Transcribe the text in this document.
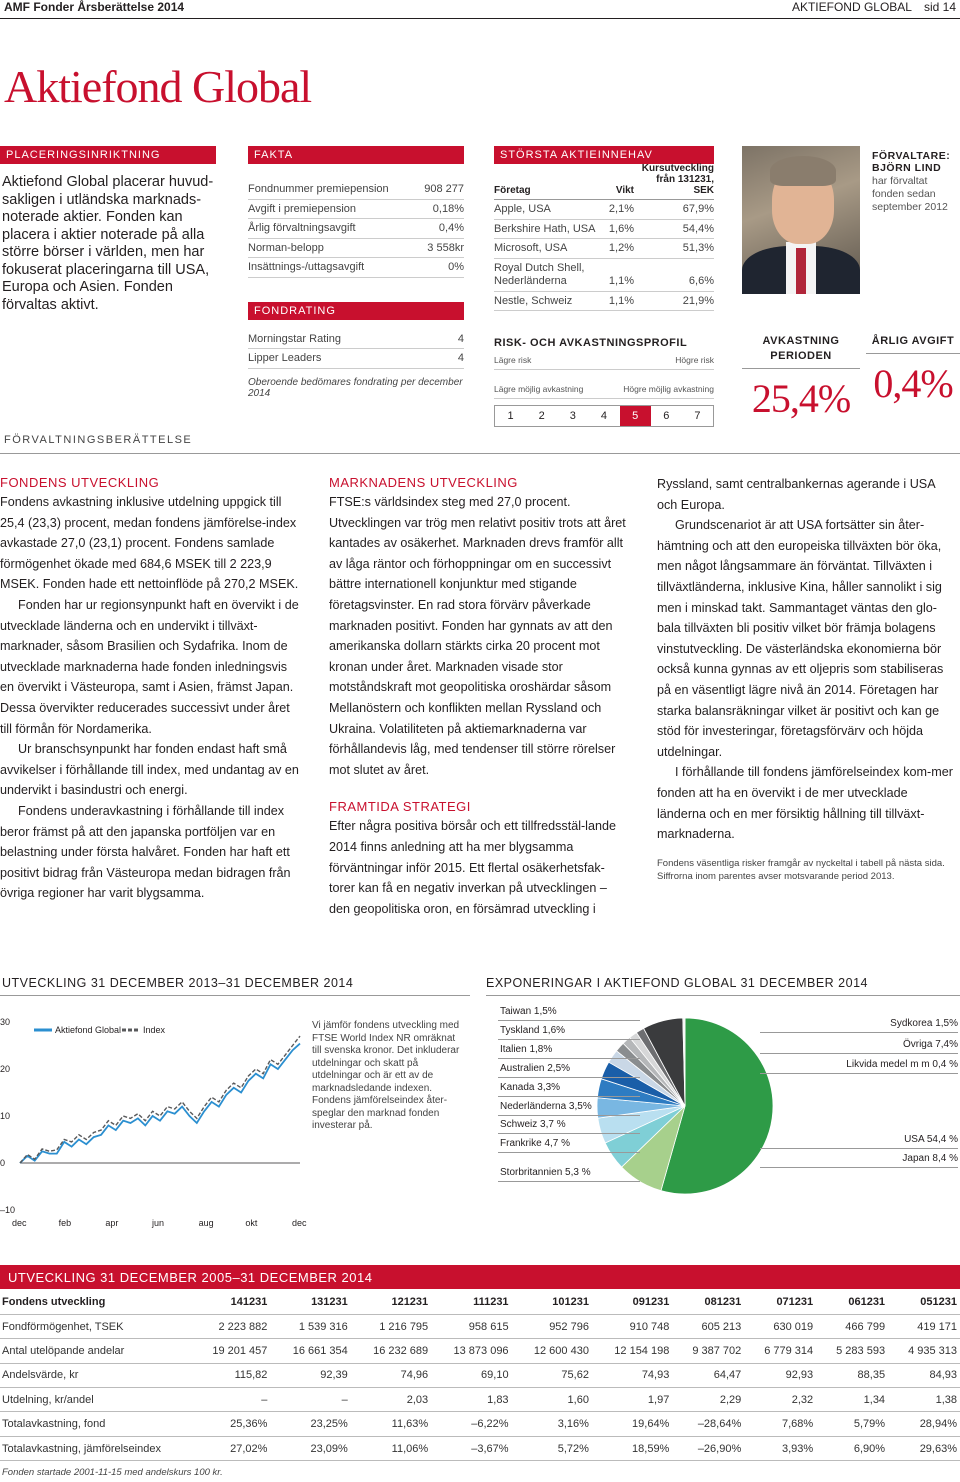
AMF Fonder Årsberättelse 2014	AKTIEFOND GLOBAL sid 14
Aktiefond Global
PLACERINGSINRIKTNING

Aktiefond Global placerar huvud-sakligen i utländska marknads-noterade aktier. Fonden kan placera i aktier noterade på alla större börser i världen, men har fokuserat placeringarna till USA, Europa och Asien. Fonden förvaltas aktivt.

FAKTA
Fondnummer premiepension	908 277
Avgift i premiepension	0,18%
Årlig förvaltningsavgift	0,4%
Norman-belopp	3 558kr
Insättnings-/uttagsavgift	0%
FONDRATING
Morningstar Rating	4
Lipper Leaders	4
Oberoende bedömares fondrating per december 2014
STÖRSTA AKTIEINNEHAV
Företag	Vikt
Kursutveckling från 131231, SEK
Apple, USA	2,1%	67,9%
Berkshire Hath, USA	1,6%	54,4%
Microsoft, USA	1,2%	51,3%
Royal Dutch Shell, Nederländerna	1,1%	6,6%
Nestle, Schweiz	1,1%	21,9%
RISK- OCH AVKASTNINGSPROFIL
Lägre risk	Högre risk
Lägre möjlig avkastning	Högre möjlig avkastning
1	2	3	4	5	6	7
FÖRVALTARE:
BJÖRN LIND
har förvaltat fonden sedan september 2012
AVKASTNING PERIODEN
25,4%
ÅRLIG AVGIFT
0,4%
FÖRVALTNINGSBERÄTTELSE
FONDENS UTVECKLING

Fondens avkastning inklusive utdelning uppgick till 25,4 (23,3) procent, medan fondens jämförelse-index avkastade 27,0 (23,1) procent. Fondens samlade förmögenhet ökade med 684,6 MSEK till 2 223,9 MSEK. Fonden hade ett nettoinflöde på 270,2 MSEK.

Fonden har ur regionsynpunkt haft en övervikt i de utvecklade länderna och en undervikt i tillväxt-marknader, såsom Brasilien och Sydafrika. Inom de utvecklade marknaderna hade fonden inledningsvis en övervikt i Västeuropa, samt i Asien, främst Japan. Dessa övervikter reducerades successivt under året till förmån för Nordamerika.

Ur branschsynpunkt har fonden endast haft små avvikelser i förhållande till index, med undantag av en undervikt i basindustri och energi.

Fondens underavkastning i förhållande till index beror främst på att den japanska portföljen var en belastning under första halvåret. Fonden har haft ett positivt bidrag från Västeuropa medan bidragen från övriga regioner har varit blygsamma.

MARKNADENS UTVECKLING

FTSE:s världsindex steg med 27,0 procent. Utvecklingen var trög men relativt positiv trots att året kantades av osäkerhet. Marknaden drevs framför allt av låga räntor och förhoppningar om en successivt bättre internationell konjunktur med stigande företagsvinster. En rad stora förvärv påverkade marknaden positivt. Fonden har gynnats av att den amerikanska dollarn stärkts cirka 20 procent mot kronan under året. Marknaden visade stor motståndskraft mot geopolitiska oroshärdar såsom Mellanöstern och konflikten mellan Ryssland och Ukraina. Volatiliteten på aktiemarknaderna var förhållandevis låg, med tendenser till större rörelser mot slutet av året.

FRAMTIDA STRATEGI

Efter några positiva börsår och ett tillfredsstäl-lande 2014 finns anledning att ha mer blygsamma förväntningar inför 2015. Ett flertal osäkerhetsfak-torer kan få en negativ inverkan på utvecklingen – den geopolitiska oron, en försämrad utveckling i

Ryssland, samt centralbankernas agerande i USA och Europa.

Grundscenariot är att USA fortsätter sin åter-hämtning och att den europeiska tillväxten bör öka, men något långsammare än förväntat. Tillväxten i tillväxtländerna, inklusive Kina, håller sannolikt i sig men i minskad takt. Sammantaget väntas den glo-bala tillväxten bli positiv vilket bör främja bolagens vinstutveckling. De västerländska ekonomierna bör också kunna gynnas av ett oljepris som stabiliseras på en väsentligt lägre nivå än 2014. Företagen har starka balansräkningar vilket är positivt och kan ge stöd för investeringar, företagsförvärv och höjda utdelningar.

I förhållande till fondens jämförelseindex kom-mer fonden att ha en övervikt i de mer utvecklade länderna och en mer försiktig hållning till tillväxt-marknaderna.

Fondens väsentliga risker framgår av nyckeltal i tabell på nästa sida. Siffrorna inom parentes avser motsvarande period 2013.

UTVECKLING 31 DECEMBER 2013–31 DECEMBER 2014
30
20
10
0
–10
dec	feb	apr	jun	aug	okt	dec
Aktiefond Global Index	Vi jämför fondens utveckling med FTSE World Index NR omräknat till svenska kronor. Det inkluderar utdelningar och skatt på utdelningar och är ett av de marknadsledande indexen. Fondens jämförelseindex åter-speglar den marknad fonden investerar på.
EXPONERINGAR I AKTIEFOND GLOBAL 31 DECEMBER 2014
Taiwan 1,5%
Tyskland 1,6%
Italien 1,8%
Australien 2,5%
Kanada 3,3%
Nederländerna 3,5%
Schweiz 3,7 %
Frankrike 4,7 %
Storbritannien 5,3 %
Sydkorea 1,5%
Övriga 7,4%
Likvida medel m m 0,4 %
USA 54,4 %
Japan 8,4 %
UTVECKLING 31 DECEMBER 2005–31 DECEMBER 2014
Fondens utveckling	141231	131231	121231	111231	101231	091231	081231	071231	061231	051231
Fondförmögenhet, TSEK	2 223 882	1 539 316	1 216 795	958 615	952 796	910 748	605 213	630 019	466 799	419 171
Antal utelöpande andelar	19 201 457	16 661 354	16 232 689	13 873 096	12 600 430	12 154 198	9 387 702	6 779 314	5 283 593	4 935 313
Andelsvärde, kr	115,82	92,39	74,96	69,10	75,62	74,93	64,47	92,93	88,35	84,93
Utdelning, kr/andel	–	–	2,03	1,83	1,60	1,97	2,29	2,32	1,34	1,38
Totalavkastning, fond	25,36%	23,25%	11,63%	–6,22%	3,16%	19,64%	–28,64%	7,68%	5,79%	28,94%
Totalavkastning, jämförelseindex	27,02%	23,09%	11,06%	–3,67%	5,72%	18,59%	–26,90%	3,93%	6,90%	29,63%
Fonden startade 2001-11-15 med andelskurs 100 kr.
